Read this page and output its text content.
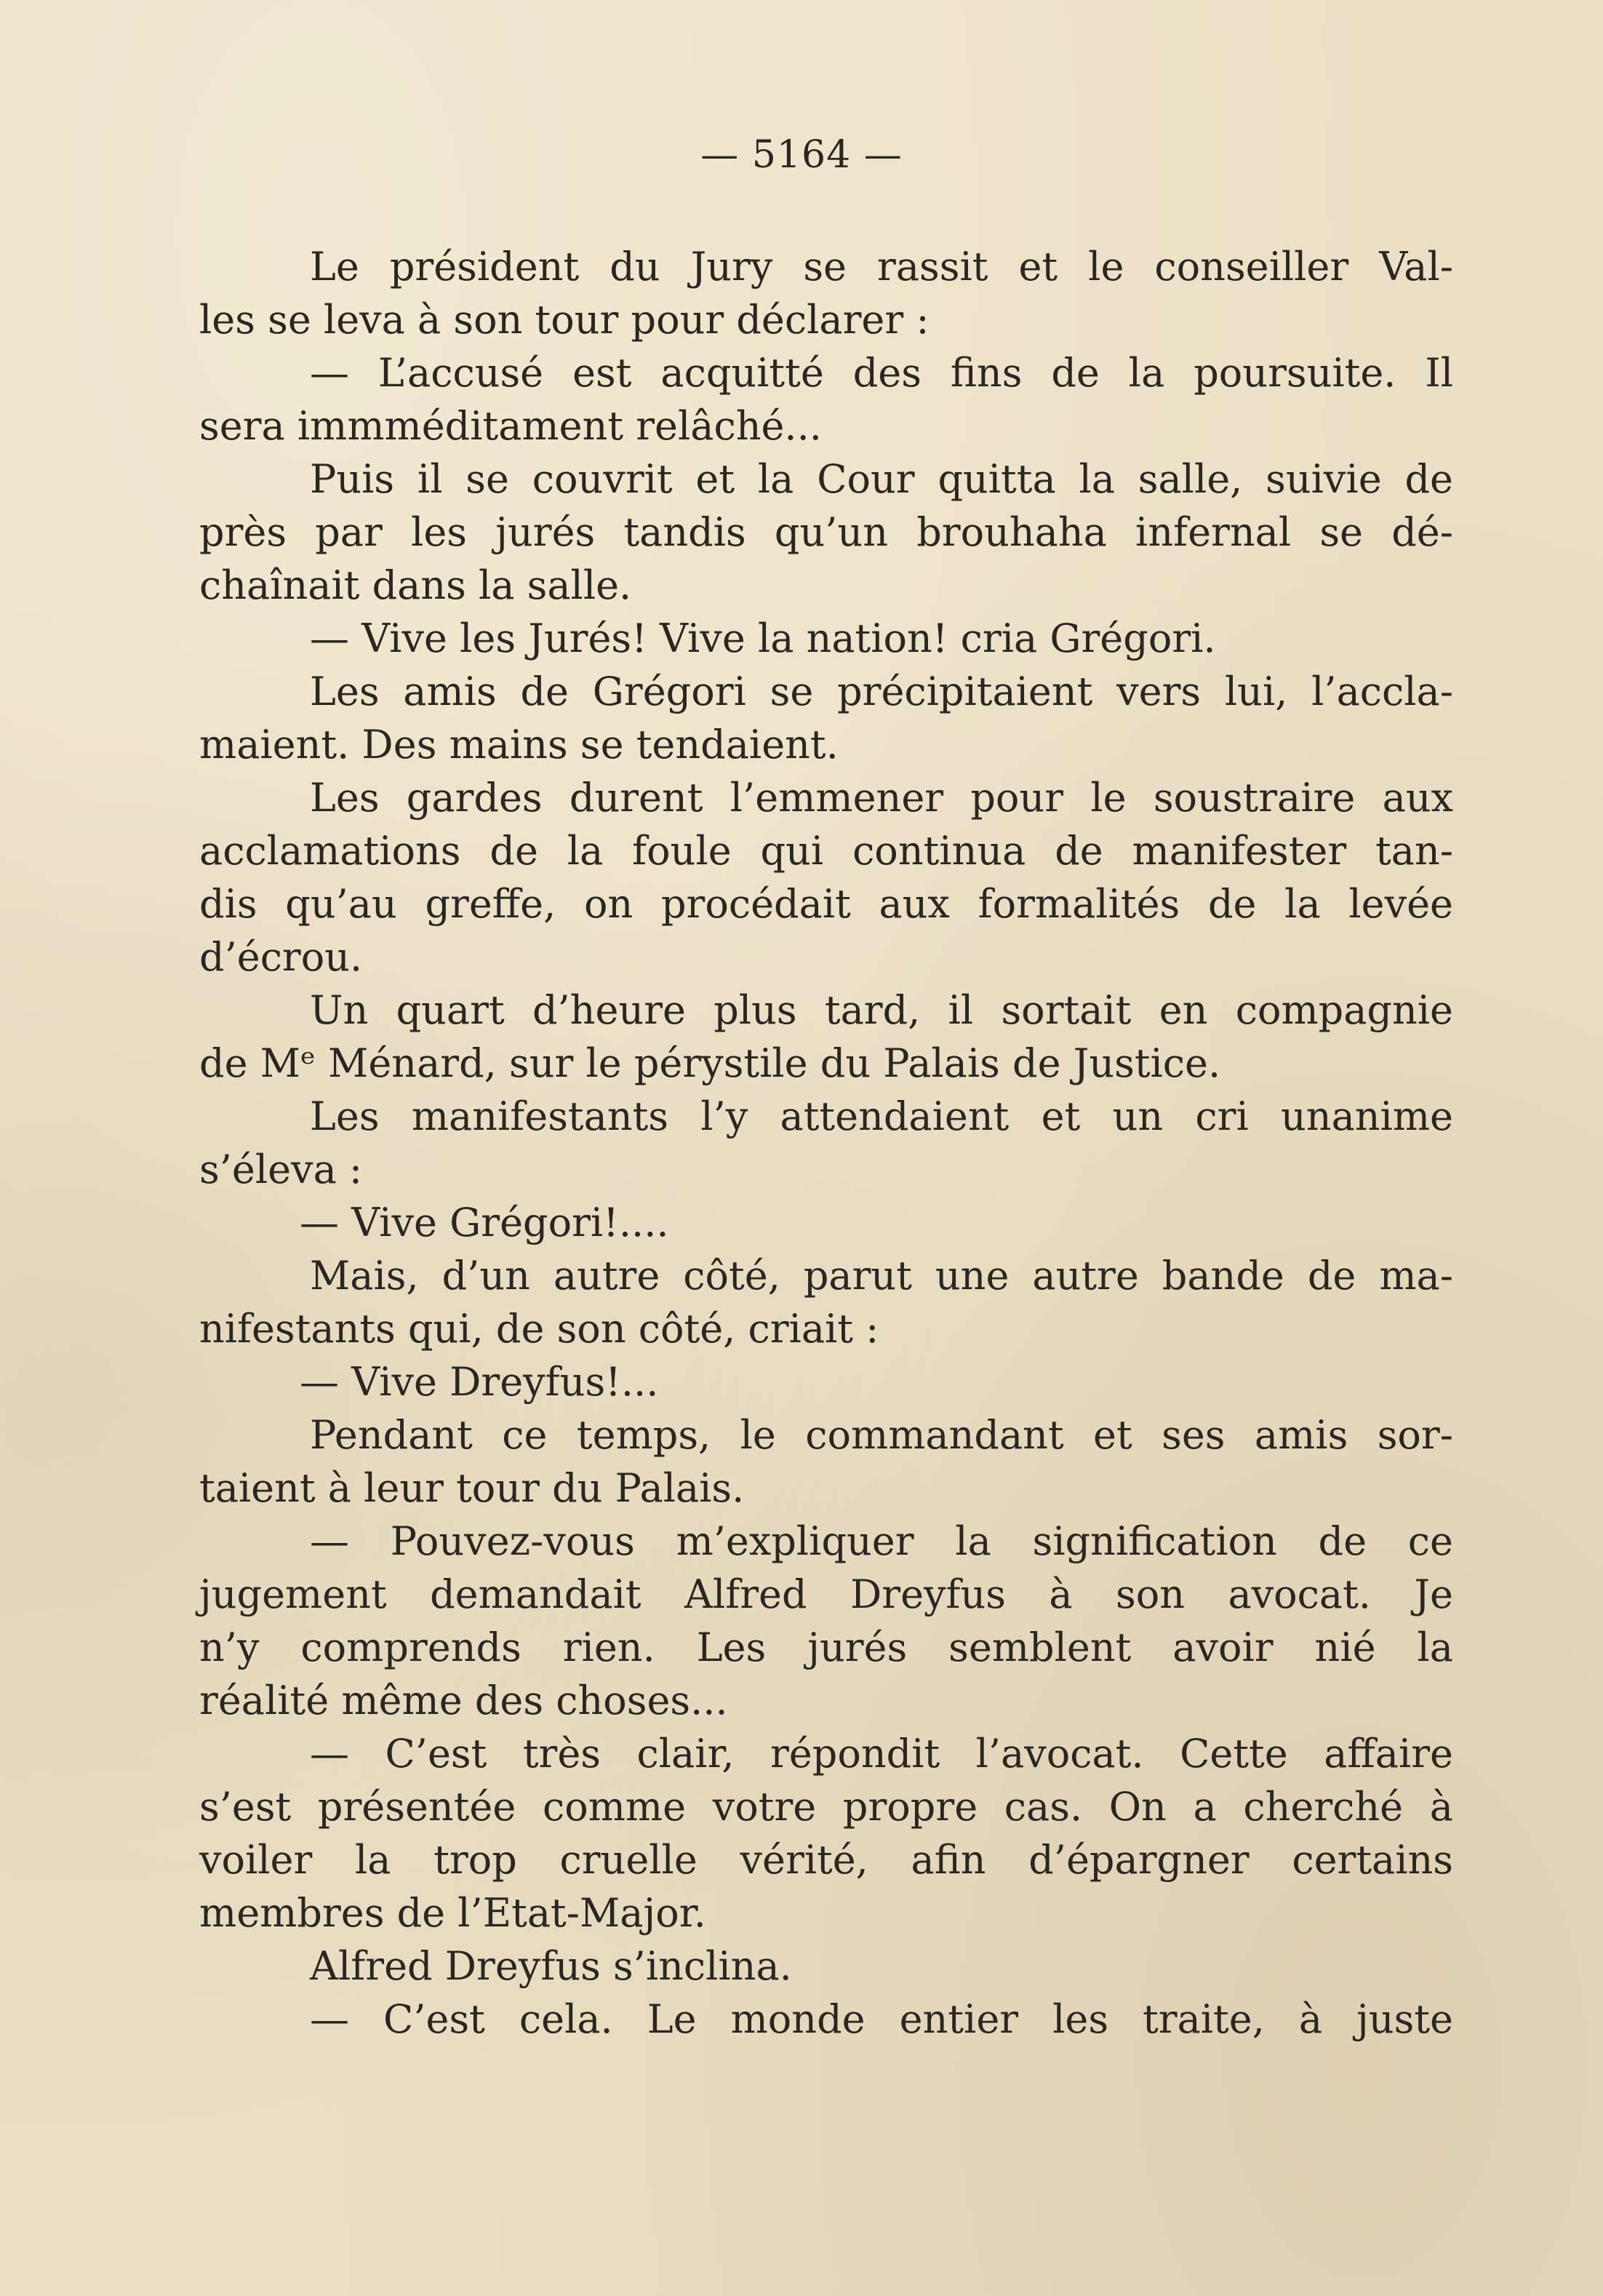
— 5164 —
Le président du Jury se rassit et le conseiller Val-
les se leva à son tour pour déclarer :
— L’accusé est acquitté des fins de la poursuite. Il
sera immméditament relâché...
Puis il se couvrit et la Cour quitta la salle, suivie de
près par les jurés tandis qu’un brouhaha infernal se dé-
chaînait dans la salle.
— Vive les Jurés! Vive la nation! cria Grégori.
Les amis de Grégori se précipitaient vers lui, l’accla-
maient. Des mains se tendaient.
Les gardes durent l’emmener pour le soustraire aux
acclamations de la foule qui continua de manifester tan-
dis qu’au greffe, on procédait aux formalités de la levée
d’écrou.
Un quart d’heure plus tard, il sortait en compagnie
de Mᵉ Ménard, sur le pérystile du Palais de Justice.
Les manifestants l’y attendaient et un cri unanime
s’éleva :
— Vive Grégori!....
Mais, d’un autre côté, parut une autre bande de ma-
nifestants qui, de son côté, criait :
— Vive Dreyfus!...
Pendant ce temps, le commandant et ses amis sor-
taient à leur tour du Palais.
— Pouvez-vous m’expliquer la signification de ce
jugement demandait Alfred Dreyfus à son avocat. Je
n’y comprends rien. Les jurés semblent avoir nié la
réalité même des choses...
— C’est très clair, répondit l’avocat. Cette affaire
s’est présentée comme votre propre cas. On a cherché à
voiler la trop cruelle vérité, afin d’épargner certains
membres de l’Etat-Major.
Alfred Dreyfus s’inclina.
— C’est cela. Le monde entier les traite, à juste
